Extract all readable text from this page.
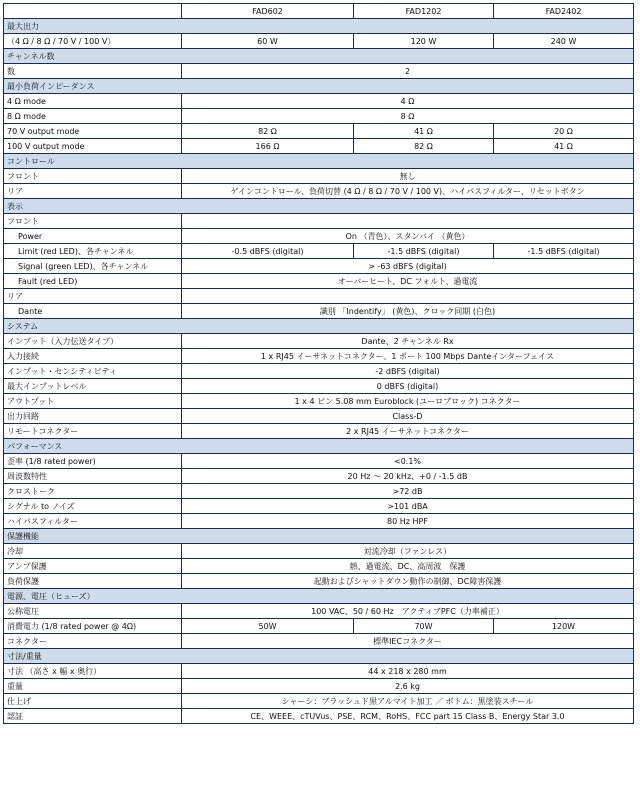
	FAD602	FAD1202	FAD2402
最大出力			
（4 Ω / 8 Ω / 70 V / 100 V）	60 W	120 W	240 W
チャンネル数			
数	2		
最小負荷インピーダンス			
4 Ω mode	4 Ω		
8 Ω mode	8 Ω		
70 V output mode	82 Ω	41 Ω	20 Ω
100 V output mode	166 Ω	82 Ω	41 Ω
コントロール			
フロント	無し		
リア	ゲインコントロール、負荷切替 (4 Ω / 8 Ω / 70 V / 100 V)、ハイパスフィルター、リセットボタン		
表示			
フロント			
Power	On （青色）、スタンバイ （黄色）		
Limit (red LED)、各チャンネル	-0.5 dBFS (digital)	-1.5 dBFS (digital)	-1.5 dBFS (digital)
Signal (green LED)、各チャンネル	> -63 dBFS (digital)		
Fault (red LED)	オーバーヒート、DC フォルト、過電流		
リア			
Dante	識別 「Indentify」 (黄色)、クロック同期 (白色)		
システム			
インプット（入力伝送タイプ）	Dante、2 チャンネル Rx		
入力接続	1 x RJ45 イーサネットコネクター、1 ポート 100 Mbps Danteインターフェイス		
インプット・センシティビティ	-2 dBFS (digital)		
最大インプットレベル	0 dBFS (digital)		
アウトプット	1 x 4 ピン 5.08 mm Euroblock (ユーロブロック) コネクター		
出力回路	Class-D		
リモートコネクター	2 x RJ45 イーサネットコネクター		
パフォーマンス			
歪率 (1/8 rated power)	<0.1%		
周波数特性	20 Hz ～ 20 kHz、+0 / -1.5 dB		
クロストーク	>72 dB		
シグナル to ノイズ	>101 dBA		
ハイパスフィルター	80 Hz HPF		
保護機能			
冷却	対流冷却（ファンレス）		
アンプ保護	熱、過電流、DC、高周波　保護		
負荷保護	起動およびシャットダウン動作の制御、DC障害保護		
電源、電圧（ヒューズ）			
公称電圧	100 VAC、50 / 60 Hz　アクティブPFC（力率補正）		
消費電力 (1/8 rated power @ 4Ω)	50W	70W	120W
コネクター	標準IECコネクター		
寸法/重量			
寸法 （高さ x 幅 x 奥行）	44 x 218 x 280 mm		
重量	2.6 kg		
仕上げ	シャーシ：ブラッシュド黒アルマイト加工 ／ ボトム：黒塗装スチール		
認証	CE、WEEE、cTUVus、PSE、RCM、RoHS、FCC part 15 Class B、Energy Star 3.0		
